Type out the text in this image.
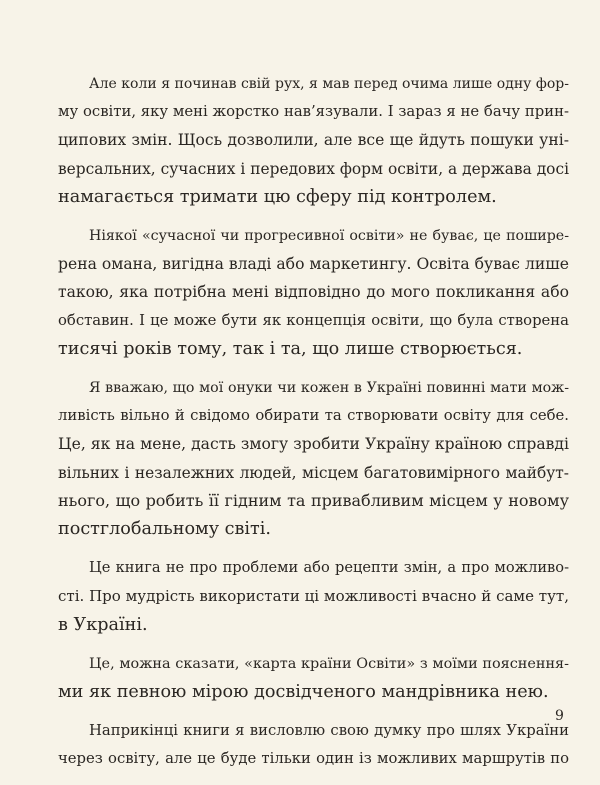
Але коли я починав свій рух, я мав перед очима лише одну фор-
му освіти, яку мені жорстко нав’язували. І зараз я не бачу прин-
ципових змін. Щось дозволили, але все ще йдуть пошуки уні-
версальних, сучасних і передових форм освіти, а держава досі
намагається тримати цю сферу під контролем.
Ніякої «сучасної чи прогресивної освіти» не буває, це пошире-
рена омана, вигідна владі або маркетингу. Освіта буває лише
такою, яка потрібна мені відповідно до мого покликання або
обставин. І це може бути як концепція освіти, що була створена
тисячі років тому, так і та, що лише створюється.
Я вважаю, що мої онуки чи кожен в Україні повинні мати мож-
ливість вільно й свідомо обирати та створювати освіту для себе.
Це, як на мене, дасть змогу зробити Україну країною справді
вільних і незалежних людей, місцем багатовимірного майбут-
нього, що робить її гідним та привабливим місцем у новому
постглобальному світі.
Це книга не про проблеми або рецепти змін, а про можливо-
сті. Про мудрість використати ці можливості вчасно й саме тут,
в Україні.
Це, можна сказати, «карта країни Освіти» з моїми пояснення-
ми як певною мірою досвідченого мандрівника нею.
Наприкінці книги я висловлю свою думку про шлях України
через освіту, але це буде тільки один із можливих маршрутів по
9
